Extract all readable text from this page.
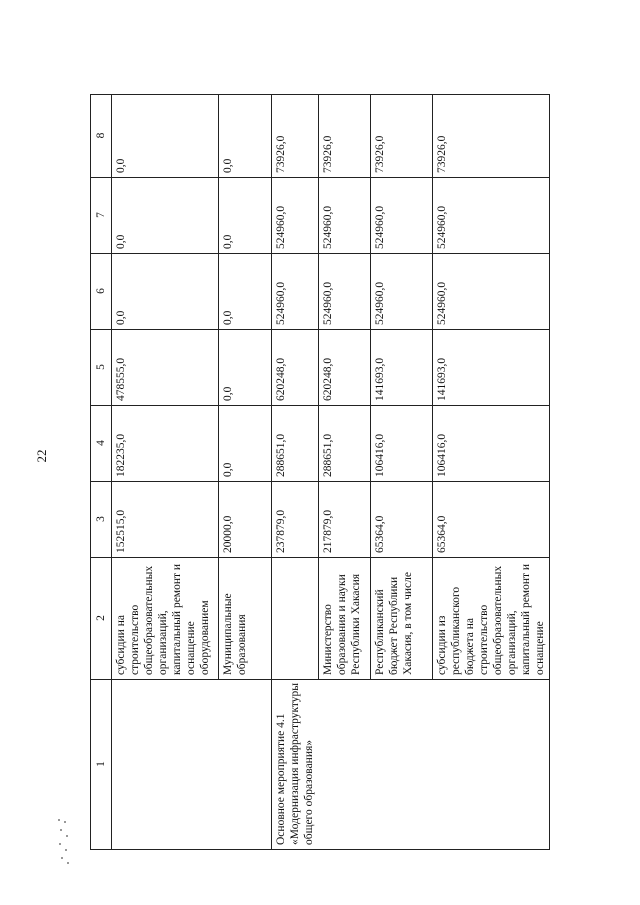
22
1	2	3	4	5	6	7	8
	субсидии на строительство общеобразовательных организаций, капитальный ремонт и оснащение оборудованием	152515,0	182235,0	478555,0	0,0	0,0	0,0
	Муниципальные образования	20000,0	0,0	0,0	0,0	0,0	0,0
Основное мероприятие 4.1 «Модернизация инфраструктуры общего образования»		237879,0	288651,0	620248,0	524960,0	524960,0	73926,0
	Министерство образования и науки Республики Хакасия	217879,0	288651,0	620248,0	524960,0	524960,0	73926,0
	Республиканский бюджет Республики Хакасия, в том числе	65364,0	106416,0	141693,0	524960,0	524960,0	73926,0
	субсидии из республиканского бюджета на строительство общеобразовательных организаций, капитальный ремонт и оснащение	65364,0	106416,0	141693,0	524960,0	524960,0	73926,0
